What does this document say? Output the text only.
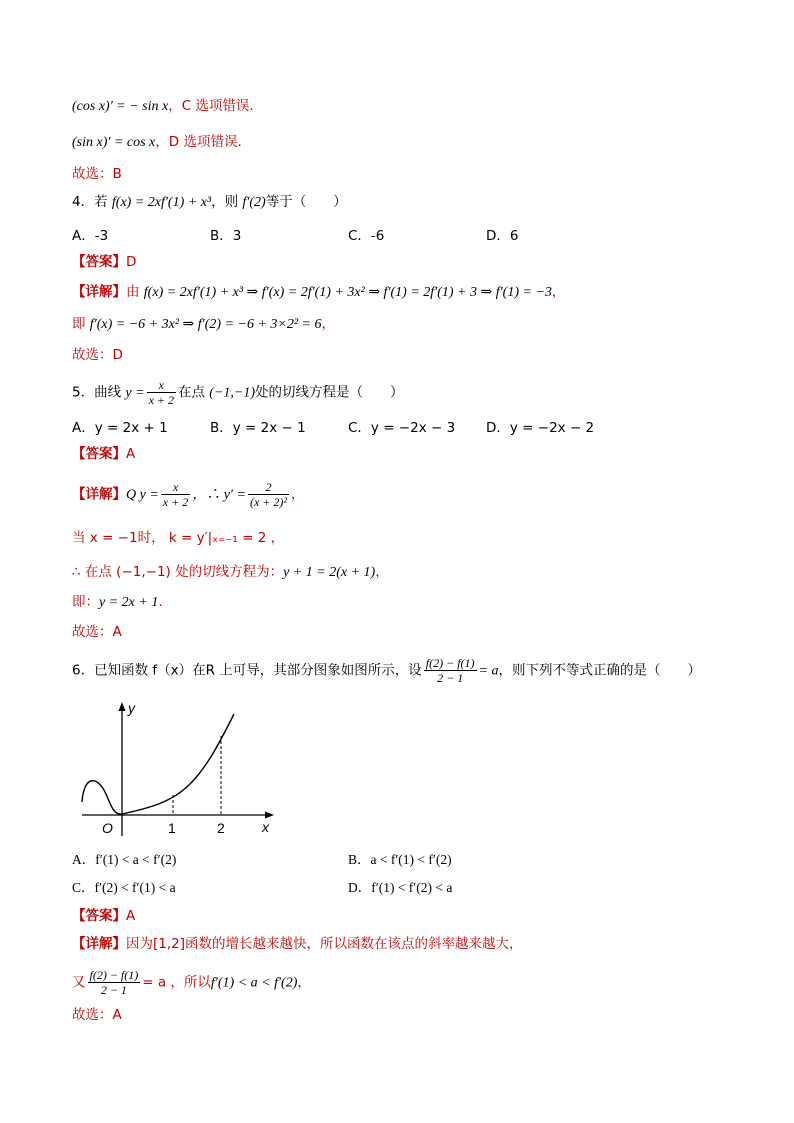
(cos x)′ = − sin x，C 选项错误.
(sin x)′ = cos x，D 选项错误.
故选：B
4．若 f(x) = 2xf′(1) + x³，则 f′(2)等于（　　）
A．-3	B．3	C．-6	D．6
【答案】D
【详解】由 f(x) = 2xf′(1) + x³ ⇒ f′(x) = 2f′(1) + 3x² ⇒ f′(1) = 2f′(1) + 3 ⇒ f′(1) = −3，
即 f′(x) = −6 + 3x² ⇒ f′(2) = −6 + 3×2² = 6，
故选：D
5．曲线 $y = \frac{x}{x + 2}$ 在点 (−1,−1)处的切线方程是（　　）
A．y = 2x + 1	B．y = 2x − 1	C．y = −2x − 3 D．y = −2x − 2
【答案】A
【详解】Q $y = \frac{x}{x + 2}$ ，∴ $y' = \frac{2}{\text{(x + 2)²}}$ ，
当 x = −1时， k = y′|ₓ₌₋₁ = 2 ，
∴ 在点 (−1,−1) 处的切线方程为：y + 1 = 2(x + 1)，
即：y = 2x + 1.
故选：A
6．已知函数 f（x）在R 上可导，其部分图象如图所示，设 $\frac{f(2) - f(1)}{2 - 1} = a$，则下列不等式正确的是（　　）
y
x
O	1	2
A．f′(1) < a < f′(2)	B．a < f′(1) < f′(2)
C．f′(2) < f′(1) < a	D．f′(1) < f′(2) < a
【答案】A
【详解】因为[1,2]函数的增长越来越快，所以函数在该点的斜率越来越大，
又 $\frac{f(2) - f(1)}{2 - 1} = a$ ，所以f′(1) < a < f′(2)，
故选：A
